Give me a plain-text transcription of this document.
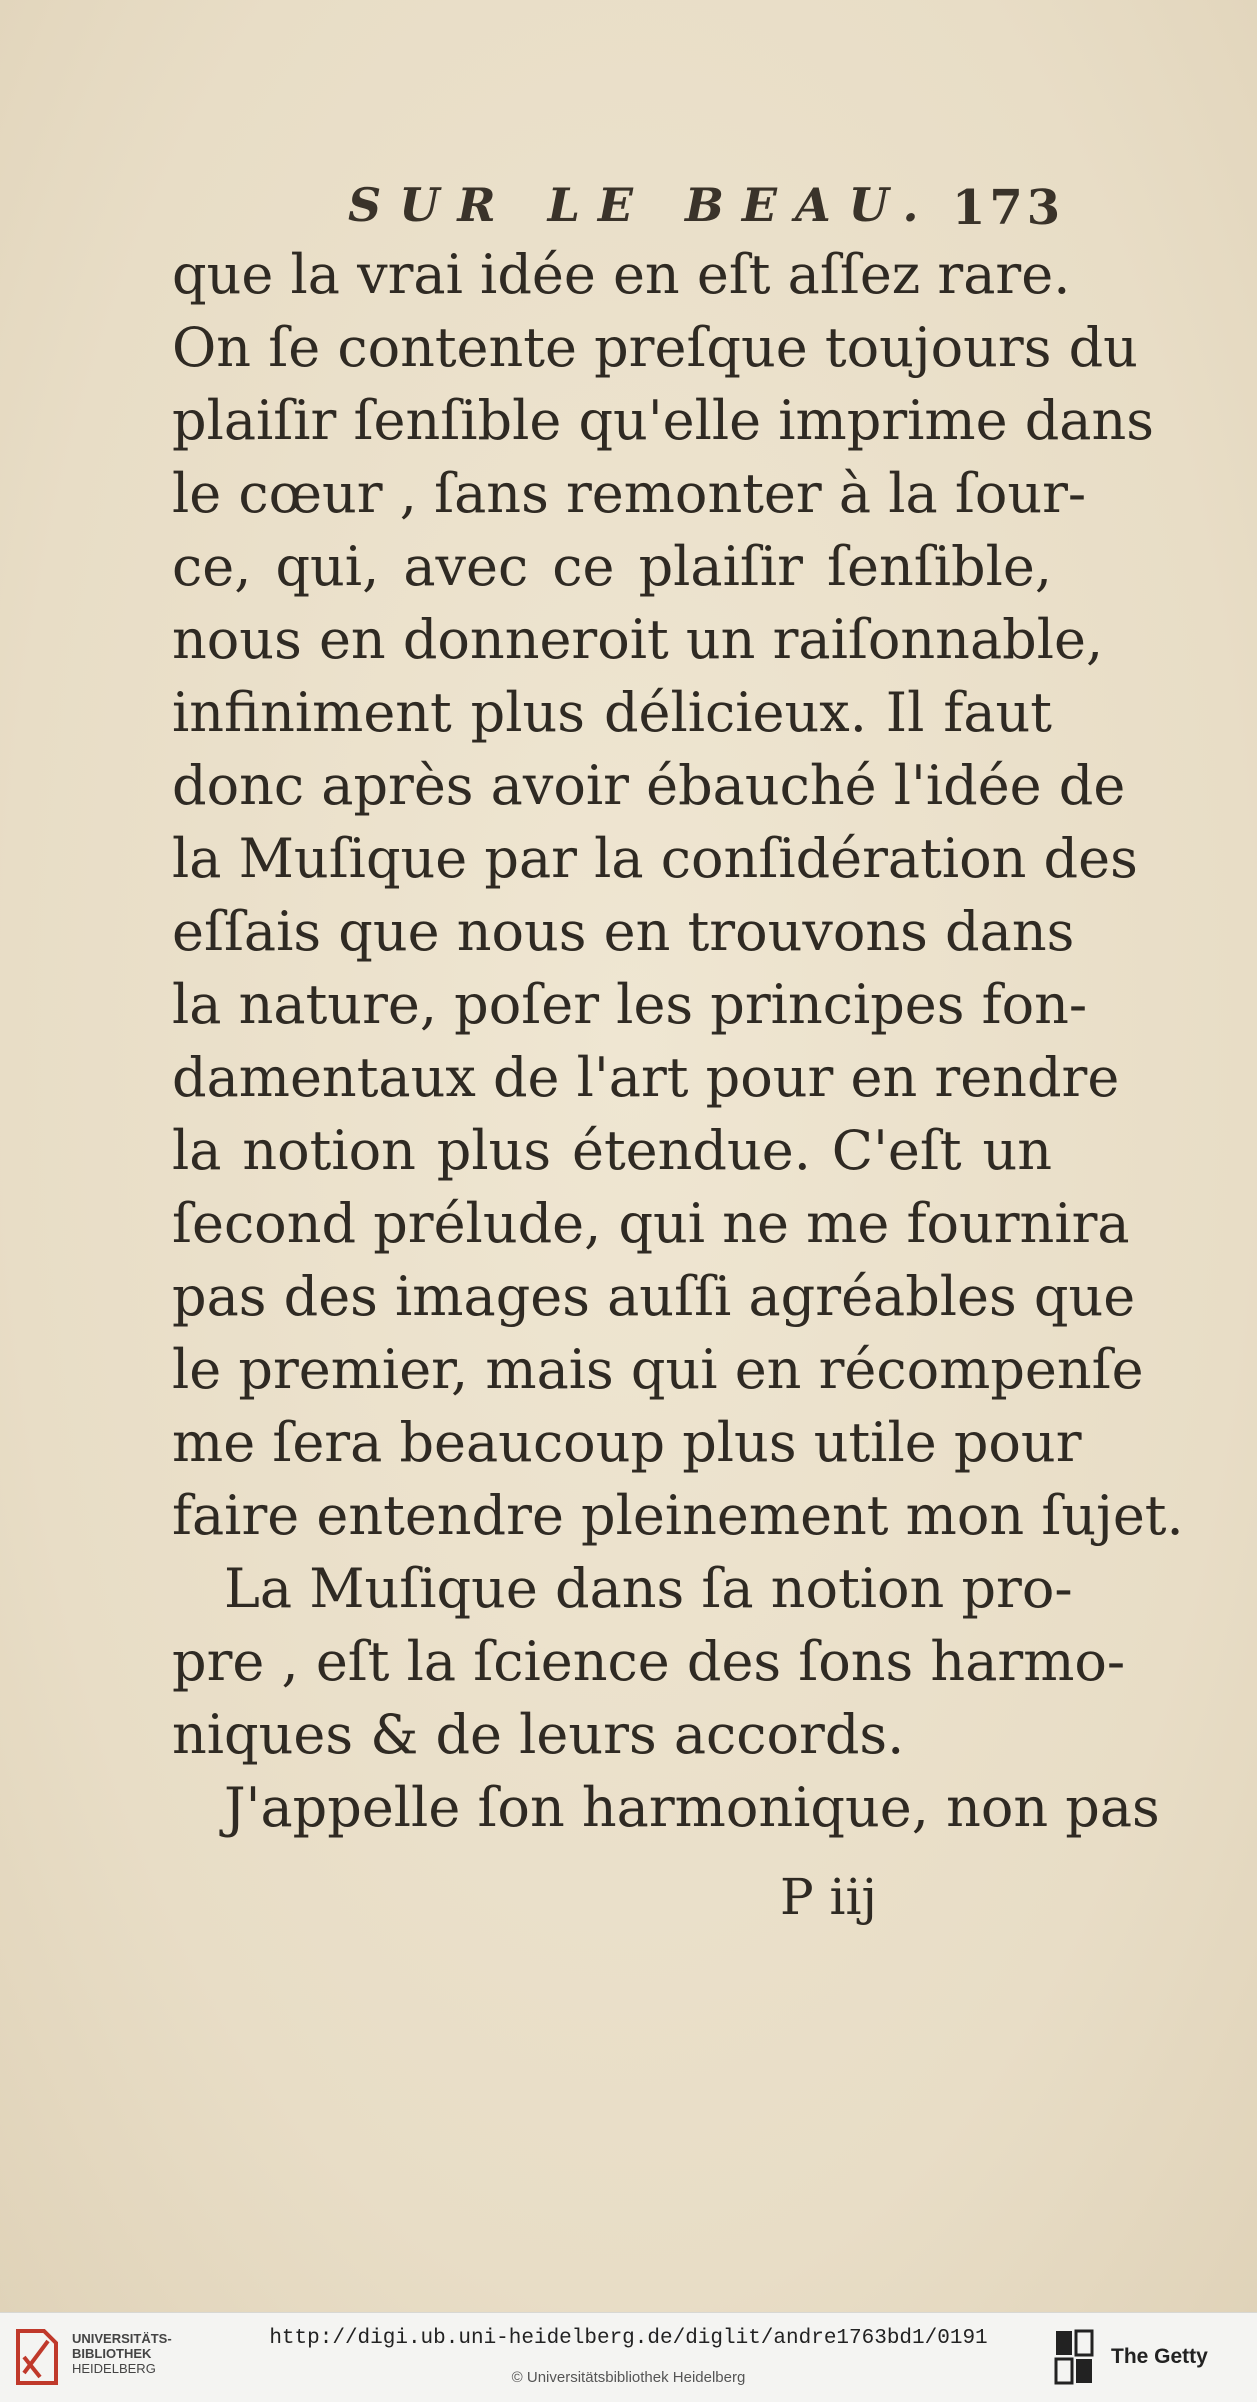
SUR LE BEAU. 173
que la vrai idée en eſt aſſez rare.
On ſe contente preſque toujours du
plaiſir ſenſible qu'elle imprime dans
le cœur , ſans remonter à la ſour-
ce, qui, avec ce plaiſir ſenſible,
nous en donneroit un raiſonnable,
infiniment plus délicieux. Il faut
donc après avoir ébauché l'idée de
la Muſique par la conſidération des
eſſais que nous en trouvons dans
la nature, poſer les principes fon-
damentaux de l'art pour en rendre
la notion plus étendue. C'eſt un
ſecond prélude, qui ne me fournira
pas des images auſſi agréables que
le premier, mais qui en récompenſe
me ſera beaucoup plus utile pour
faire entendre pleinement mon ſujet.
La Muſique dans ſa notion pro-
pre , eſt la ſcience des ſons harmo-
niques & de leurs accords.
J'appelle ſon harmonique, non pas
P iij
UNIVERSITÄTS-
BIBLIOTHEK
HEIDELBERG
http://digi.ub.uni-heidelberg.de/diglit/andre1763bd1/0191
© Universitätsbibliothek Heidelberg
The Getty
